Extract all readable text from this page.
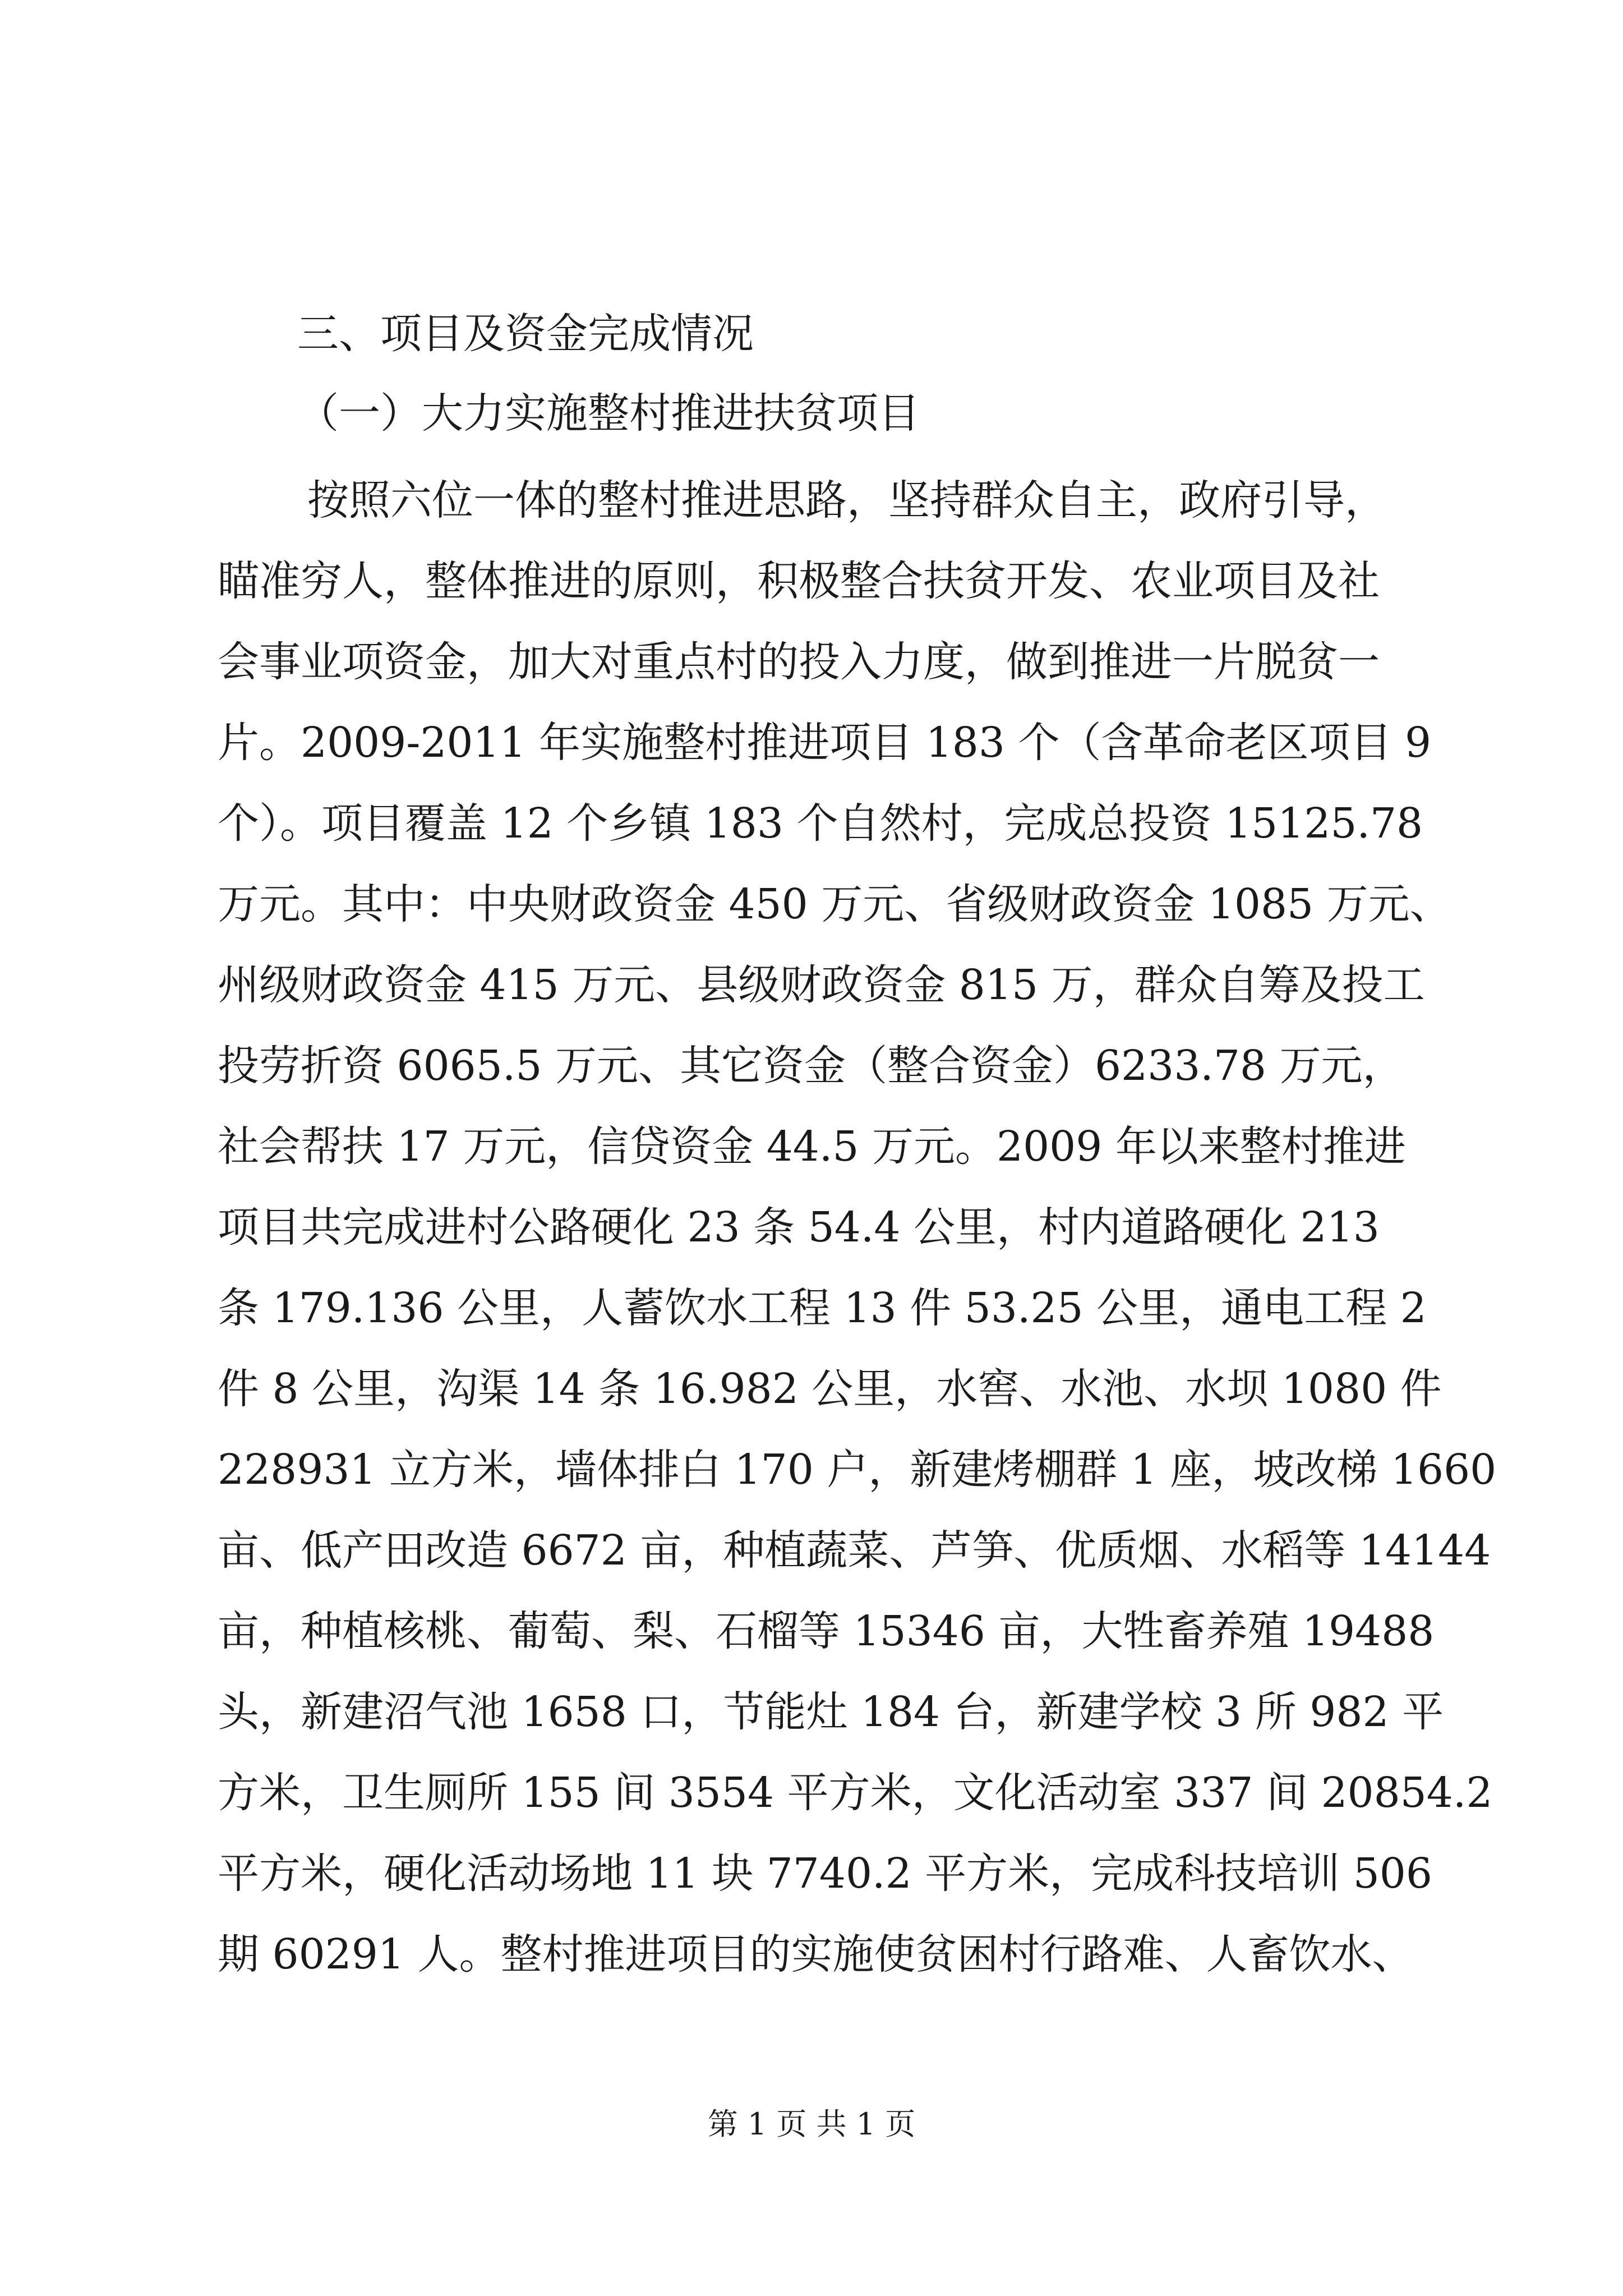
三、项目及资金完成情况
（一）大力实施整村推进扶贫项目
按照六位一体的整村推进思路，坚持群众自主，政府引导，
瞄准穷人，整体推进的原则，积极整合扶贫开发、农业项目及社
会事业项资金，加大对重点村的投入力度，做到推进一片脱贫一
片。2009-2011 年实施整村推进项目 183 个（含革命老区项目 9
个）。项目覆盖 12 个乡镇 183 个自然村，完成总投资 15125.78
万元。其中：中央财政资金 450 万元、省级财政资金 1085 万元、
州级财政资金 415 万元、县级财政资金 815 万，群众自筹及投工
投劳折资 6065.5 万元、其它资金（整合资金）6233.78 万元，
社会帮扶 17 万元，信贷资金 44.5 万元。2009 年以来整村推进
项目共完成进村公路硬化 23 条 54.4 公里，村内道路硬化 213
条 179.136 公里，人蓄饮水工程 13 件 53.25 公里，通电工程 2
件 8 公里，沟渠 14 条 16.982 公里，水窖、水池、水坝 1080 件
228931 立方米，墙体排白 170 户，新建烤棚群 1 座，坡改梯 1660
亩、低产田改造 6672 亩，种植蔬菜、芦笋、优质烟、水稻等 14144
亩，种植核桃、葡萄、梨、石榴等 15346 亩，大牲畜养殖 19488
头，新建沼气池 1658 口，节能灶 184 台，新建学校 3 所 982 平
方米，卫生厕所 155 间 3554 平方米，文化活动室 337 间 20854.2
平方米，硬化活动场地 11 块 7740.2 平方米，完成科技培训 506
期 60291 人。整村推进项目的实施使贫困村行路难、人畜饮水、
第 1 页 共 1 页
